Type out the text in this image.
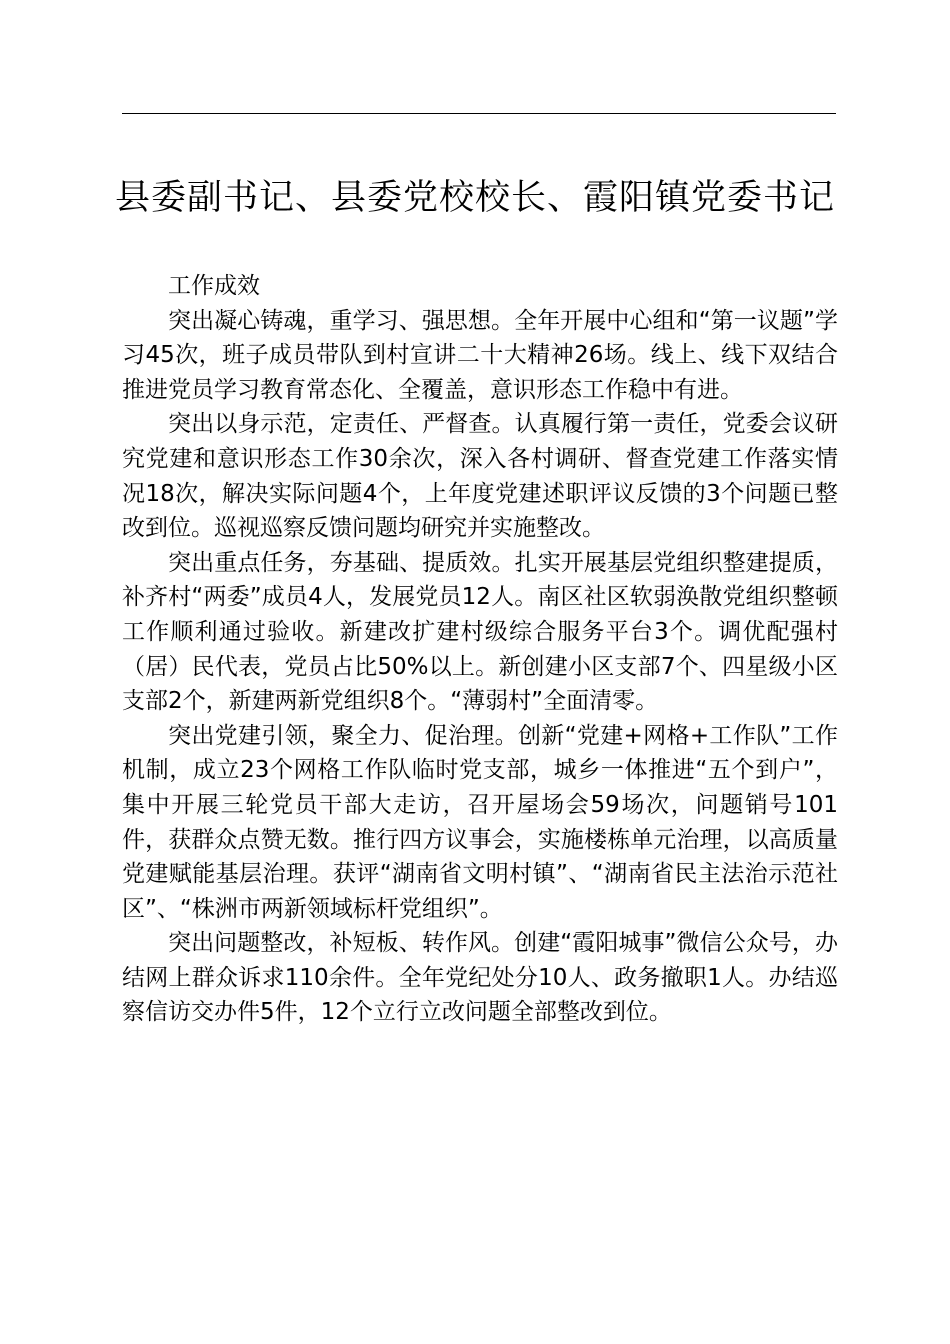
县委副书记、县委党校校长、霞阳镇党委书记

工作成效

突出凝心铸魂，重学习、强思想。全年开展中心组和“第一议题”学习45次，班子成员带队到村宣讲二十大精神26场。线上、线下双结合推进党员学习教育常态化、全覆盖，意识形态工作稳中有进。

突出以身示范，定责任、严督查。认真履行第一责任，党委会议研究党建和意识形态工作30余次，深入各村调研、督查党建工作落实情况18次，解决实际问题4个，上年度党建述职评议反馈的3个问题已整改到位。巡视巡察反馈问题均研究并实施整改。

突出重点任务，夯基础、提质效。扎实开展基层党组织整建提质，补齐村“两委”成员4人，发展党员12人。南区社区软弱涣散党组织整顿工作顺利通过验收。新建改扩建村级综合服务平台3个。调优配强村（居）民代表，党员占比50%以上。新创建小区支部7个、四星级小区支部2个，新建两新党组织8个。“薄弱村”全面清零。

突出党建引领，聚全力、促治理。创新“党建+网格+工作队”工作机制，成立23个网格工作队临时党支部，城乡一体推进“五个到户”，集中开展三轮党员干部大走访，召开屋场会59场次，问题销号101件，获群众点赞无数。推行四方议事会，实施楼栋单元治理，以高质量党建赋能基层治理。获评“湖南省文明村镇”、“湖南省民主法治示范社区”、“株洲市两新领域标杆党组织”。

突出问题整改，补短板、转作风。创建“霞阳城事”微信公众号，办结网上群众诉求110余件。全年党纪处分10人、政务撤职1人。办结巡察信访交办件5件，12个立行立改问题全部整改到位。
